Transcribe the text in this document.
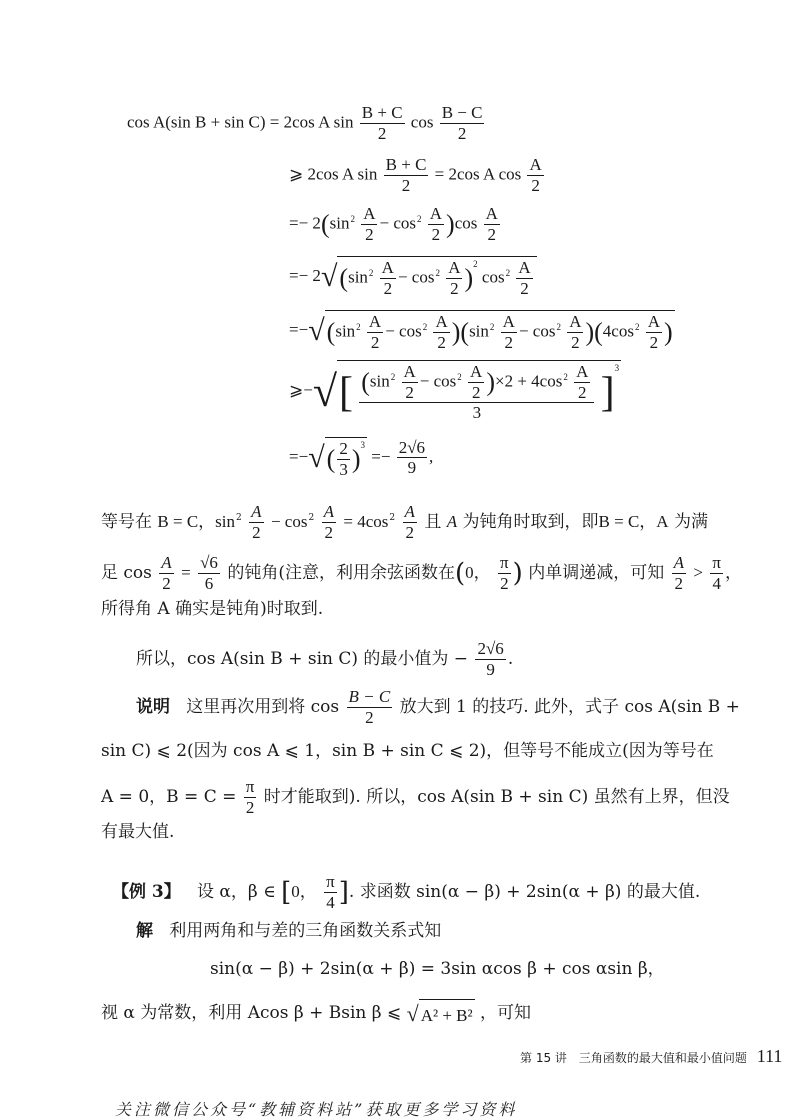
cos A(sin B + sin C) = 2cos A $\sin \frac{B + C}{2}$ $\cos \frac{B - C}{2}$
⩾ 2cos A $\sin \frac{B + C}{2} = 2\cos$ A $\cos \frac{A}{2}$
=− $2(\sin^2 \frac{A}{2} - \cos^2 \frac{A}{2} )\cos \frac{A}{2}$
=− $2√(\sin^2 \frac{A}{2} - \cos^2 \frac{A}{2} )^2$ $\cos^2 \frac{A}{2}$
$=-√(\sin^2 \frac{A}{2} - \cos^2 \frac{A}{2} )(\sin^2 \frac{A}{2} - \cos^2 \frac{A}{2} )(4\cos^2 \frac{A}{2}$ )
⩾−√[ $\frac{(\sin^2 \frac{A}{2} - \cos^2 \frac{A}{2} )\times 2 + 4\cos^2 \frac{A}{2}}{3} ]^3$
=−√( $\frac{2}{3} )^3 =- \frac{2√6}{9}$ ,
等号在 B = C，$\sin^2 \frac{A}{2} - \cos^2 \frac{A}{2} = 4\cos^2 \frac{A}{2}$ 且 A 为钝角时取到，即B = C，A 为满
足 $\cos \frac{A}{2} = \frac{√6}{6}$ 的钝角(注意，利用余弦函数在(0， $\frac{\pi}{2}$ ) 内单调递减，可知 $\frac{A}{2} > \frac{\pi}{4}$ ，
所得角 A 确实是钝角)时取到.
所以，cos A(sin B + sin C) 的最小值为 − $\frac{2√6}{9}$ .
说明 这里再次用到将 $\cos \frac{B - C}{2}$ 放大到 1 的技巧. 此外，式子 cos A(sin B +
sin C) ⩽ 2(因为 cos A ⩽ 1，sin B + sin C ⩽ 2)，但等号不能成立(因为等号在
A = 0，$B = C = \frac{\pi}{2}$ 时才能取到). 所以，cos A(sin B + sin C) 虽然有上界，但没
有最大值.
【例 3】 设 α，β ∈ [0， $\frac{\pi}{4}$ ]. 求函数 sin(α − β) + 2sin(α + β) 的最大值.
解 利用两角和与差的三角函数关系式知
sin(α − β) + 2sin(α + β) = 3sin αcos β + cos αsin β，
视 α 为常数，利用 Acos β + Bsin β ⩽ √ A² + B² ，可知
第 15 讲　三角函数的最大值和最小值问题 111
关注微信公众号“教辅资料站”获取更多学习资料
